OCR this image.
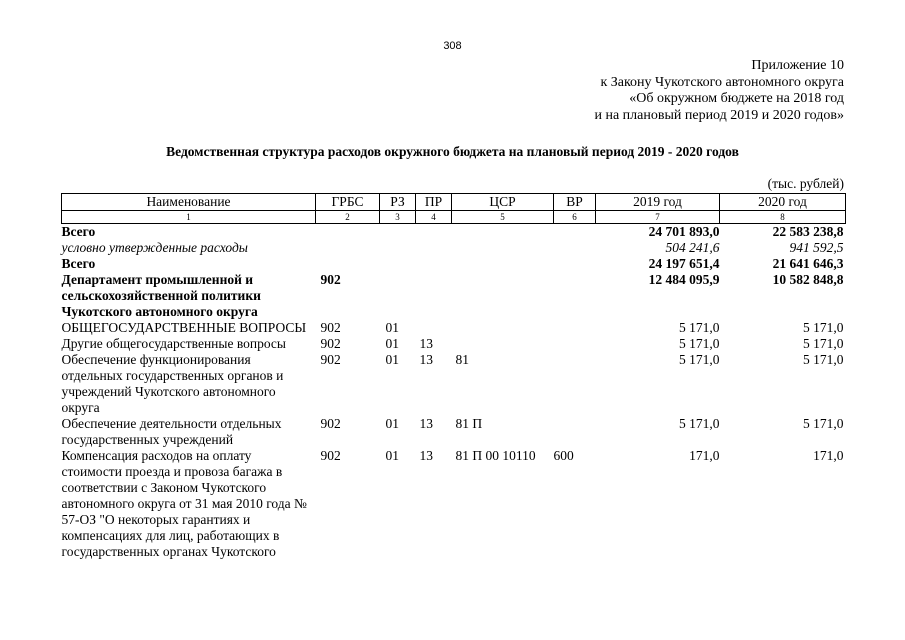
308
Приложение 10
к Закону Чукотского автономного округа
«Об окружном бюджете на 2018 год
и на плановый период 2019 и 2020 годов»
Ведомственная структура расходов окружного бюджета на плановый период 2019 - 2020 годов
(тыс. рублей)
Наименование	ГРБС	РЗ	ПР	ЦСР	ВР	2019 год	2020 год
1	2	3	4	5	6	7	8
Всего						24 701 893,0	22 583 238,8
условно утвержденные расходы						504 241,6	941 592,5
Всего						24 197 651,4	21 641 646,3
Департамент промышленной и сельскохозяйственной политики Чукотского автономного округа	902					12 484 095,9	10 582 848,8
ОБЩЕГОСУДАРСТВЕННЫЕ ВОПРОСЫ	902	01				5 171,0	5 171,0
Другие общегосударственные вопросы	902	01	13			5 171,0	5 171,0
Обеспечение функционирования отдельных государственных органов и учреждений Чукотского автономного округа	902	01	13	81		5 171,0	5 171,0
Обеспечение деятельности отдельных государственных учреждений	902	01	13	81 П		5 171,0	5 171,0
Компенсация расходов на оплату стоимости проезда и провоза багажа в соответствии с Законом Чукотского автономного округа от 31 мая 2010 года № 57-ОЗ "О некоторых гарантиях и компенсациях для лиц, работающих в государственных органах Чукотского	902	01	13	81 П 00 10110	600	171,0	171,0
